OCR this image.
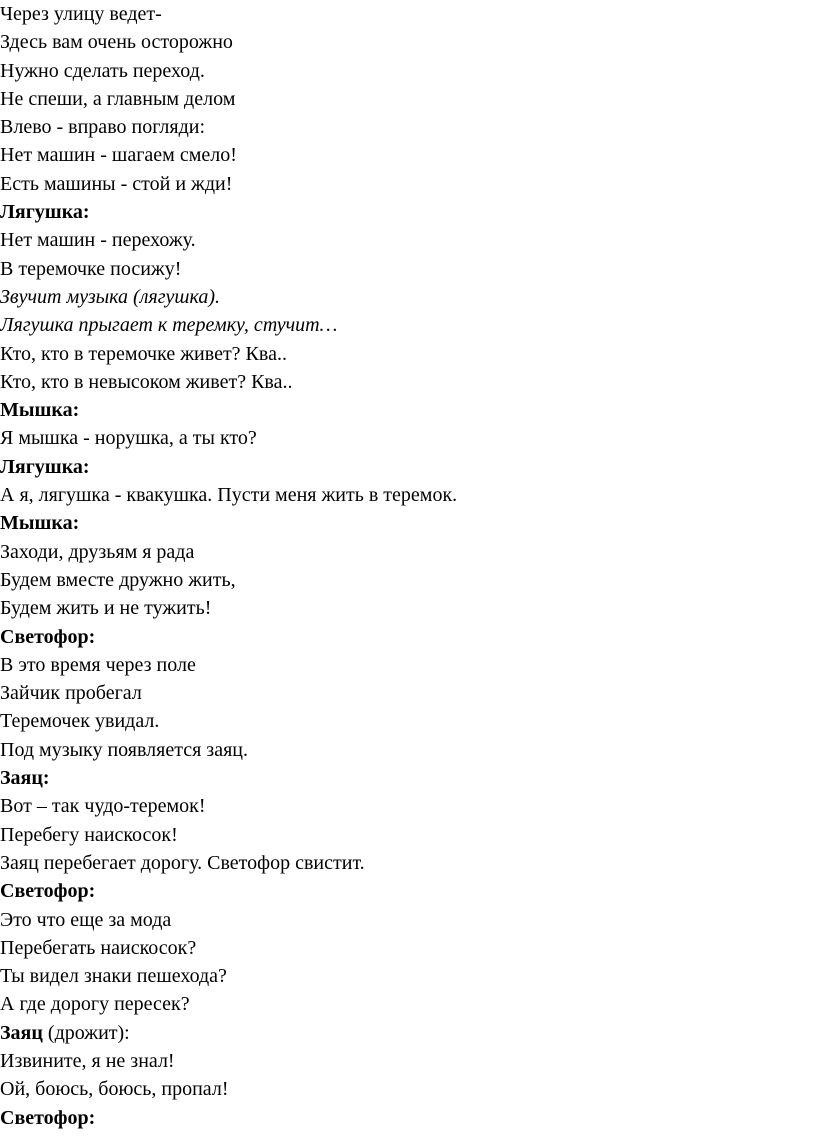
Через улицу ведет-
Здесь вам очень осторожно
Нужно сделать переход.
Не спеши, а главным делом
Влево - вправо погляди:
Нет машин - шагаем смело!
Есть машины - стой и жди!
Лягушка:
Нет машин - перехожу.
В теремочке посижу!
Звучит музыка (лягушка).
Лягушка прыгает к теремку, стучит…
Кто, кто в теремочке живет? Ква..
Кто, кто в невысоком живет? Ква..
Мышка:
Я мышка - норушка, а ты кто?
Лягушка:
А я, лягушка - квакушка. Пусти меня жить в теремок.
Мышка:
Заходи, друзьям я рада
Будем вместе дружно жить,
Будем жить и не тужить!
Светофор:
В это время через поле
Зайчик пробегал
Теремочек увидал.
Под музыку появляется заяц.
Заяц:
Вот – так чудо-теремок!
Перебегу наискосок!
Заяц перебегает дорогу. Светофор свистит.
Светофор:
Это что еще за мода
Перебегать наискосок?
Ты видел знаки пешехода?
А где дорогу пересек?
Заяц (дрожит):
Извините, я не знал!
Ой, боюсь, боюсь, пропал!
Светофор:
